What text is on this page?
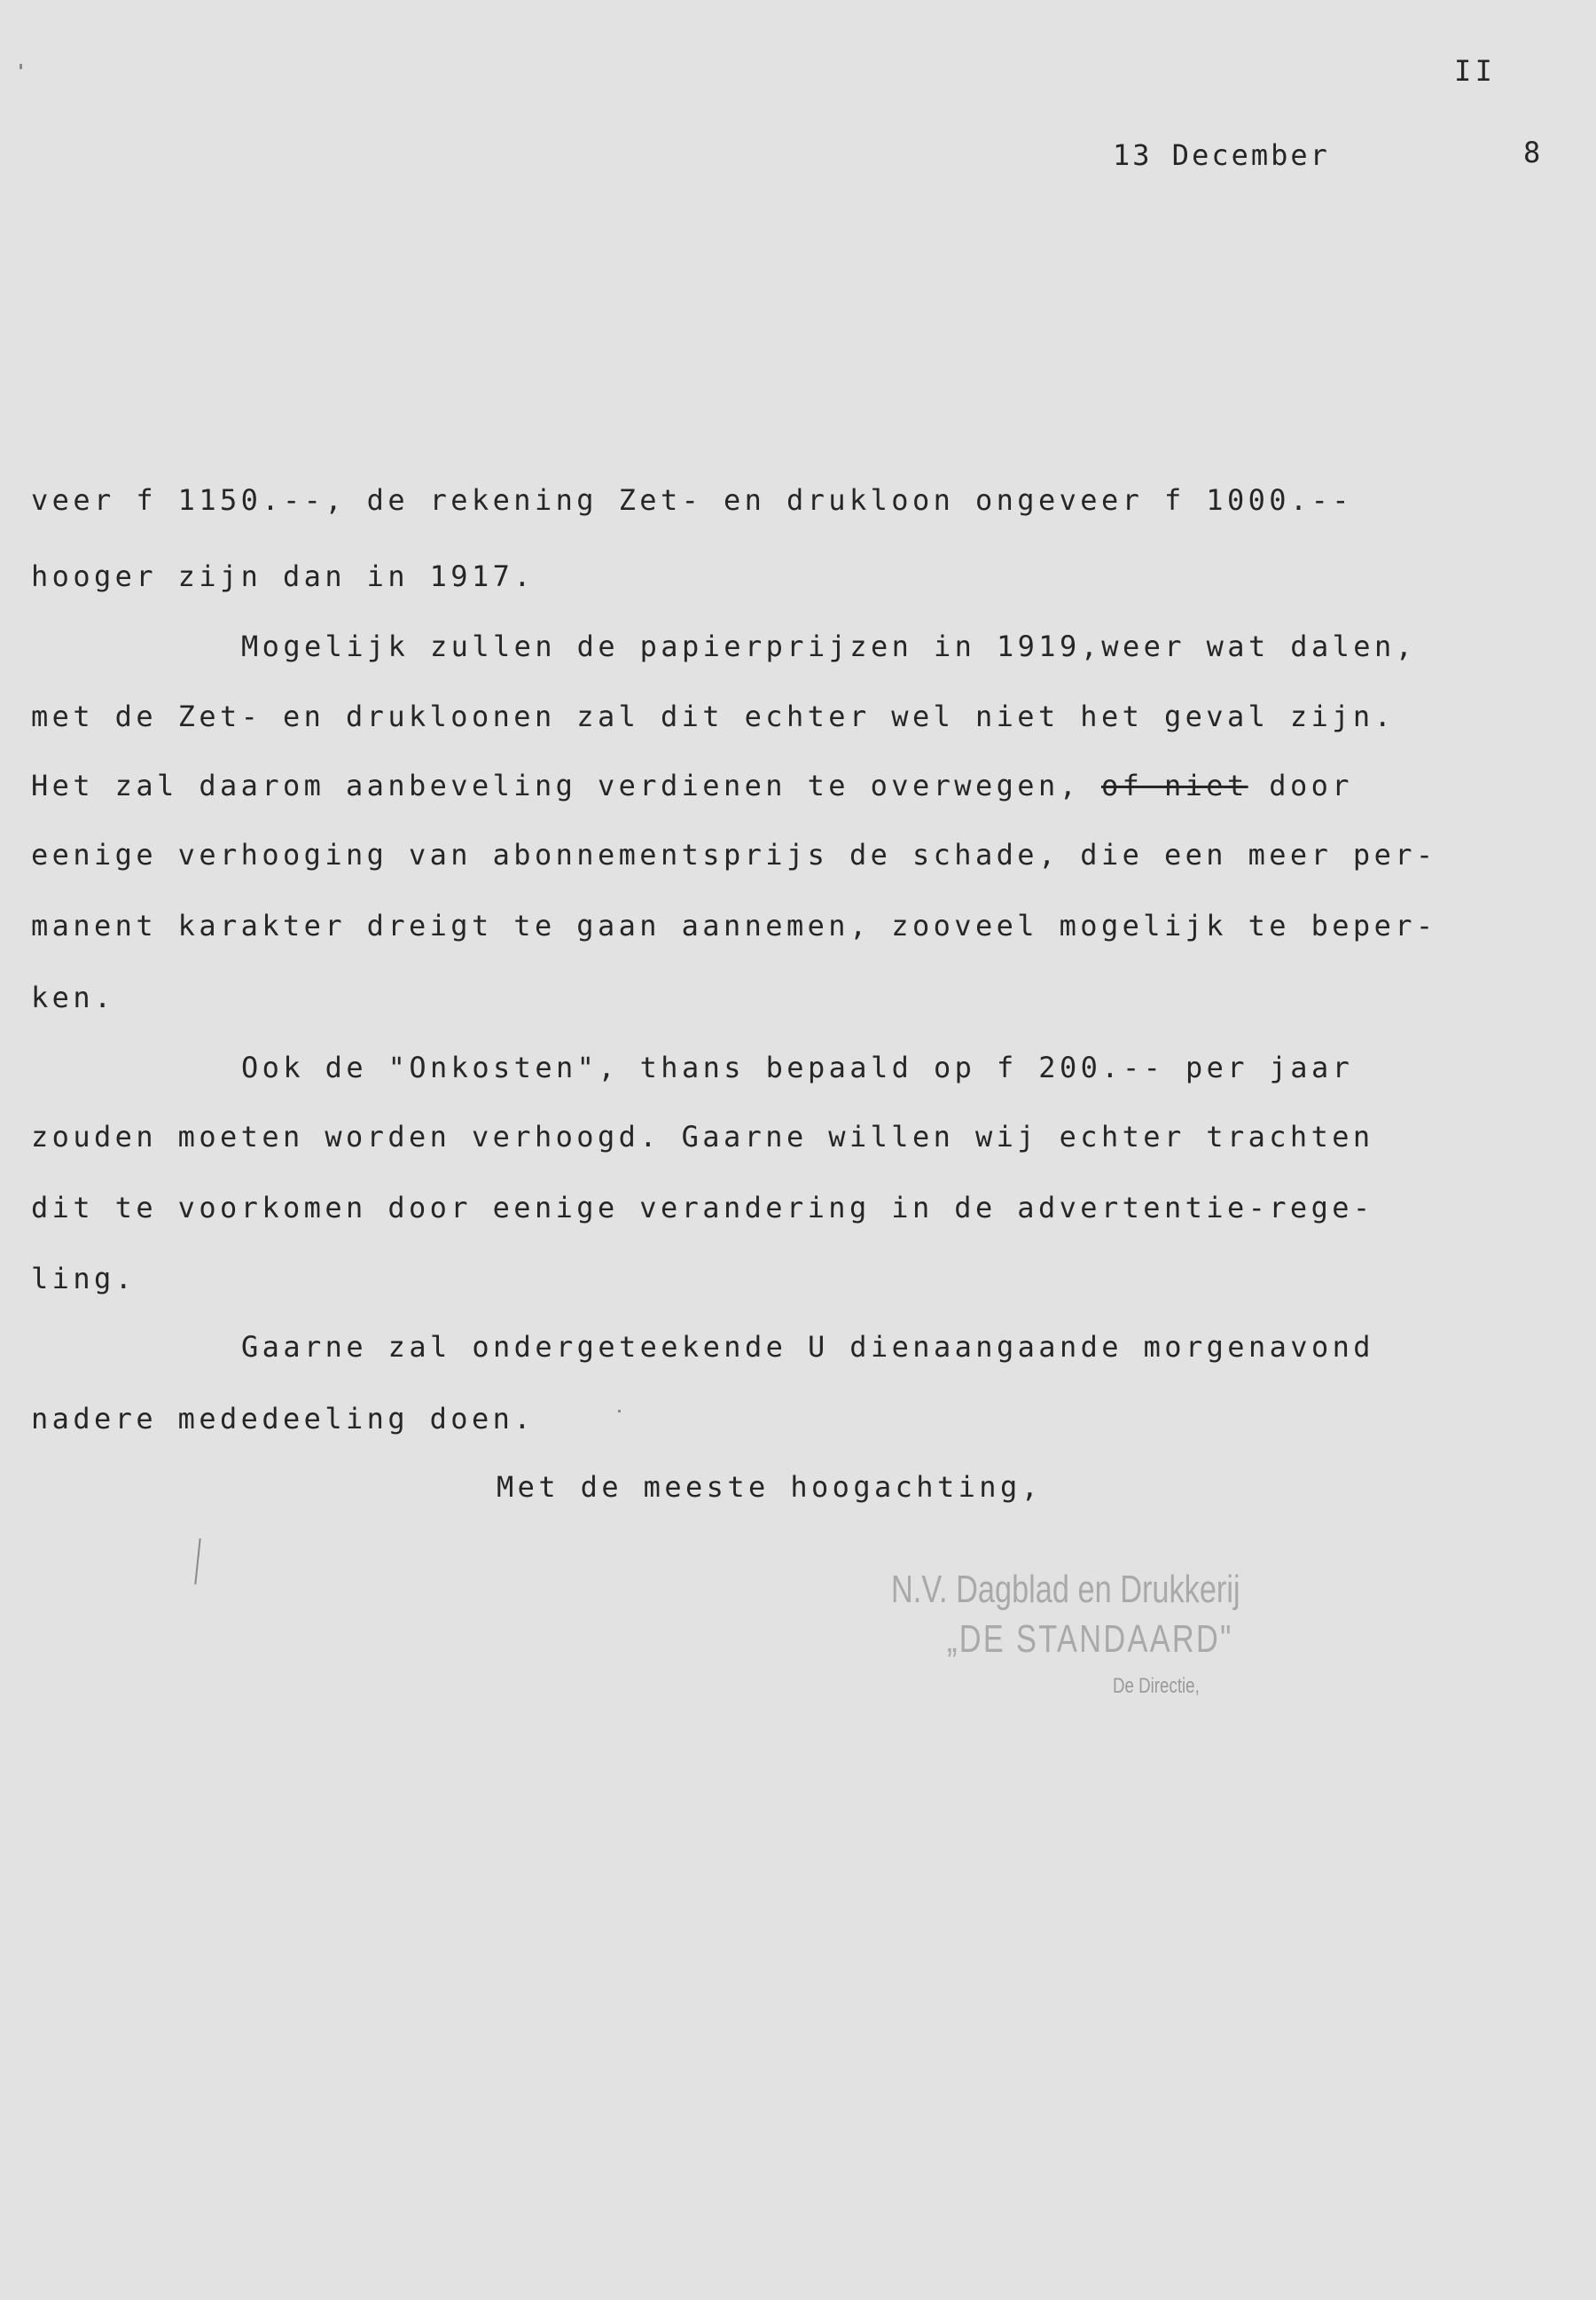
II
13 December	8
veer f 1150.--, de rekening Zet- en drukloon ongeveer f 1000.--
hooger zijn dan in 1917.
Mogelijk zullen de papierprijzen in 1919,weer wat dalen,
met de Zet- en drukloonen zal dit echter wel niet het geval zijn.
Het zal daarom aanbeveling verdienen te overwegen, of niet door
eenige verhooging van abonnementsprijs de schade, die een meer per-
manent karakter dreigt te gaan aannemen, zooveel mogelijk te beper-
ken.
Ook de "Onkosten", thans bepaald op f 200.-- per jaar
zouden moeten worden verhoogd. Gaarne willen wij echter trachten
dit te voorkomen door eenige verandering in de advertentie-rege-
ling.
Gaarne zal ondergeteekende U dienaangaande morgenavond
nadere mededeeling doen.
Met de meeste hoogachting,
N.V. Dagblad en Drukkerij
„DE STANDAARD"
De Directie,
